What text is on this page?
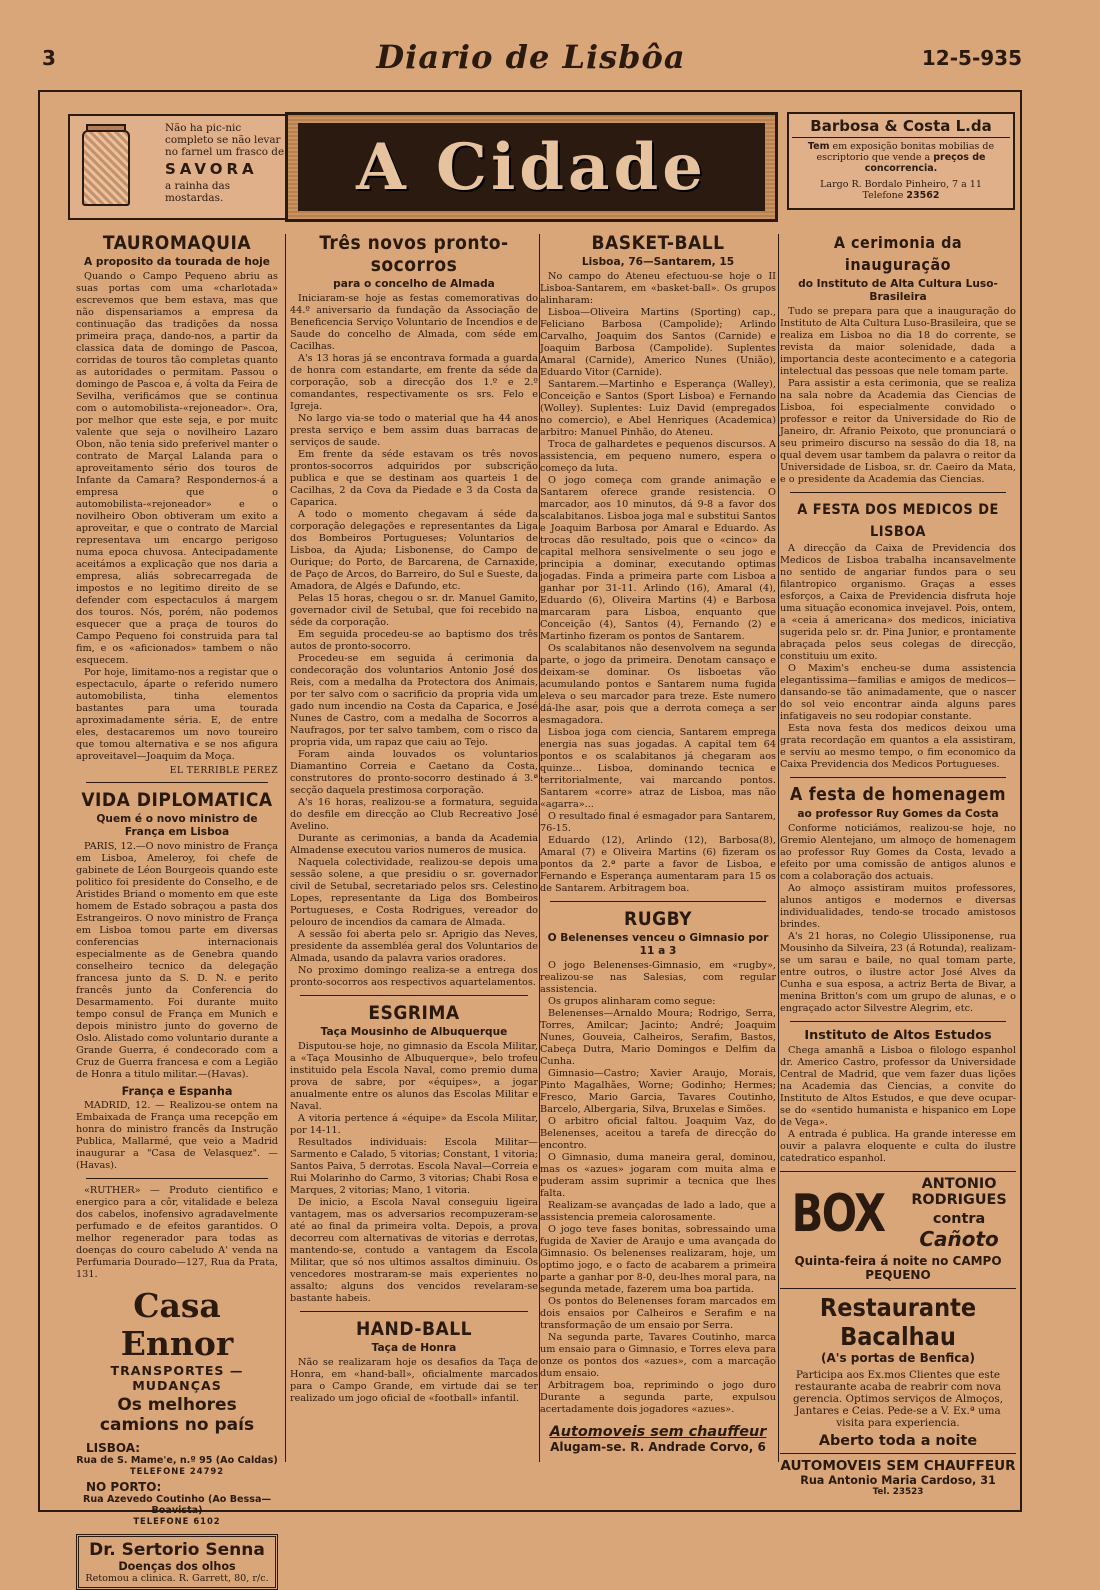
3	Diario de Lisbôa	12-5-935
Não ha pic-nic completo se não levar no farnel um frasco de
SAVORA
a rainha das mostardas.	A Cidade
Barbosa & Costa L.da
Tem em exposição bonitas mobilias de escriptorio que vende a preços de concorrencia.
Largo R. Bordalo Pinheiro, 7 a 11
Telefone 23562
TAUROMAQUIA
A proposito da tourada de hoje

Quando o Campo Pequeno abriu as suas portas com uma «charlotada» escrevemos que bem estava, mas que não dispensariamos a empresa da continuação das tradições da nossa primeira praça, dando-nos, a partir da classica data de domingo de Pascoa, corridas de touros tão completas quanto as autoridades o permitam. Passou o domingo de Pascoa e, á volta da Feira de Sevilha, verificámos que se continua com o automobilista-«rejoneador». Ora, por melhor que este seja, e por muitc valente que seja o novilheiro Lazaro Obon, não tenia sido preferivel manter o contrato de Marçal Lalanda para o aproveitamento sério dos touros de Infante da Camara? Respondernos-á a empresa que o automobilista-«rejoneador» e o novilheiro Obon obtiveram um exito a aproveitar, e que o contrato de Marcial representava um encargo perigoso numa epoca chuvosa. Antecipadamente aceitámos a explicação que nos daria a empresa, aliás sobrecarregada de impostos e no legitimo direito de se defender com espectaculos á margem dos touros. Nós, porém, não podemos esquecer que a praça de touros do Campo Pequeno foi construida para tal fim, e os «aficionados» tambem o não esquecem.

Por hoje, limitamo-nos a registar que o espectaculo, áparte o referido numero automobilista, tinha elementos bastantes para uma tourada aproximadamente séria. E, de entre eles, destacaremos um novo toureiro que tomou alternativa e se nos afigura aproveitavel—Joaquim da Moça.

EL TERRIBLE PEREZ
VIDA DIPLOMATICA
Quem é o novo ministro de França em Lisboa

PARIS, 12.—O novo ministro de França em Lisboa, Ameleroy, foi chefe de gabinete de Léon Bourgeois quando este politico foi presidente do Conselho, e de Aristides Briand o momento em que este homem de Estado sobraçou a pasta dos Estrangeiros. O novo ministro de França em Lisboa tomou parte em diversas conferencias internacionais especialmente as de Genebra quando conselheiro tecnico da delegação francesa junto da S. D. N. e perito francês junto da Conferencia do Desarmamento. Foi durante muito tempo consul de França em Munich e depois ministro junto do governo de Oslo. Alistado como voluntario durante a Grande Guerra, é condecorado com a Cruz de Guerra francesa e com a Legião de Honra a titulo militar.—(Havas).

França e Espanha

MADRID, 12. — Realizou-se ontem na Embaixada de França uma recepção em honra do ministro francês da Instrução Publica, Mallarmé, que veio a Madrid inaugurar a "Casa de Velasquez". — (Havas).

«RUTHER» — Produto cientifico e energico para a côr, vitalidade e beleza dos cabelos, inofensivo agradavelmente perfumado e de efeitos garantidos. O melhor regenerador para todas as doenças do couro cabeludo A' venda na Perfumaria Dourado—127, Rua da Prata, 131.

Casa Ennor
TRANSPORTES — MUDANÇAS
Os melhores camions no país
LISBOA:
Rua de S. Mame'e, n.º 95 (Ao Caldas)
TELEFONE 24792
NO PORTO:
Rua Azevedo Coutinho (Ao Bessa—Boavista)
TELEFONE 6102
Dr. Sertorio Senna
Doenças dos olhos
Retomou a clinica. R. Garrett, 80, r/c.
Três novos pronto-socorros
para o concelho de Almada

Iniciaram-se hoje as festas comemorativas do 44.º aniversario da fundação da Associação de Beneficencia Serviço Voluntario de Incendios e de Saude do concelho de Almada, com séde em Cacilhas.

A's 13 horas já se encontrava formada a guarda de honra com estandarte, em frente da séde da corporação, sob a direcção dos 1.º e 2.º comandantes, respectivamente os srs. Felo e Igreja.

No largo via-se todo o material que ha 44 anos presta serviço e bem assim duas barracas de serviços de saude.

Em frente da séde estavam os três novos prontos-socorros adquiridos por subscrição publica e que se destinam aos quarteis 1 de Cacilhas, 2 da Cova da Piedade e 3 da Costa da Caparica.

A todo o momento chegavam á séde da corporação delegações e representantes da Liga dos Bombeiros Portugueses; Voluntarios de Lisboa, da Ajuda; Lisbonense, do Campo de Ourique; do Porto, de Barcarena, de Carnaxide, de Paço de Arcos, do Barreiro, do Sul e Sueste, da Amadora, de Algés e Dafundo, etc.

Pelas 15 horas, chegou o sr. dr. Manuel Gamito, governador civil de Setubal, que foi recebido na séde da corporação.

Em seguida procedeu-se ao baptismo dos três autos de pronto-socorro.

Procedeu-se em seguida á cerimonia da condecoração dos voluntarios Antonio José dos Reis, com a medalha da Protectora dos Animais, por ter salvo com o sacrificio da propria vida um gado num incendio na Costa da Caparica, e José Nunes de Castro, com a medalha de Socorros a Naufragos, por ter salvo tambem, com o risco da propria vida, um rapaz que caiu ao Tejo.

Foram ainda louvados os voluntarios Diamantino Correia e Caetano da Costa, construtores do pronto-socorro destinado á 3.ª secção daquela prestimosa corporação.

A's 16 horas, realizou-se a formatura, seguida do desfile em direcção ao Club Recreativo José Avelino.

Durante as cerimonias, a banda da Academia Almadense executou varios numeros de musica.

Naquela colectividade, realizou-se depois uma sessão solene, a que presidiu o sr. governador civil de Setubal, secretariado pelos srs. Celestino Lopes, representante da Liga dos Bombeiros Portugueses, e Costa Rodrigues, vereador do pelouro de incendios da camara de Almada.

A sessão foi aberta pelo sr. Aprigio das Neves, presidente da assembléa geral dos Voluntarios de Almada, usando da palavra varios oradores.

No proximo domingo realiza-se a entrega dos pronto-socorros aos respectivos aquartelamentos.

ESGRIMA
Taça Mousinho de Albuquerque

Disputou-se hoje, no gimnasio da Escola Militar, a «Taça Mousinho de Albuquerque», belo trofeu instituido pela Escola Naval, como premio duma prova de sabre, por «équipes», a jogar anualmente entre os alunos das Escolas Militar e Naval.

A vitoria pertence á «équipe» da Escola Militar, por 14-11.

Resultados individuais: Escola Militar—Sarmento e Calado, 5 vitorias; Constant, 1 vitoria; Santos Paiva, 5 derrotas. Escola Naval—Correia e Rui Molarinho do Carmo, 3 vitorias; Chabi Rosa e Marques, 2 vitorias; Mano, 1 vitoria.

De inicio, a Escola Naval conseguiu ligeira vantagem, mas os adversarios recompuzeram-se até ao final da primeira volta. Depois, a prova decorreu com alternativas de vitorias e derrotas, mantendo-se, contudo a vantagem da Escola Militar, que só nos ultimos assaltos diminuiu. Os vencedores mostraram-se mais experientes no assalto; alguns dos vencidos revelaram-se bastante habeis.

HAND-BALL
Taça de Honra

Não se realizaram hoje os desafios da Taça de Honra, em «hand-ball», oficialmente marcados para o Campo Grande, em virtude dai se ter realizado um jogo oficial de «football» infantil.

BASKET-BALL
Lisboa, 76—Santarem, 15

No campo do Ateneu efectuou-se hoje o II Lisboa-Santarem, em «basket-ball». Os grupos alinharam:

Lisboa—Oliveira Martins (Sporting) cap., Feliciano Barbosa (Campolide); Arlindo Carvalho, Joaquim dos Santos (Carnide) e Joaquim Barbosa (Campolide). Suplentes Amaral (Carnide), Americo Nunes (União), Eduardo Vitor (Carnide).

Santarem.—Martinho e Esperança (Walley), Conceição e Santos (Sport Lisboa) e Fernando (Wolley). Suplentes: Luiz David (empregados no comercio), e Abel Henriques (Academica) arbitro: Manuel Pinhão, do Ateneu.

Troca de galhardetes e pequenos discursos. A assistencia, em pequeno numero, espera o começo da luta.

O jogo começa com grande animação e Santarem oferece grande resistencia. O marcador, aos 10 minutos, dá 9-8 a favor dos scalabitanos. Lisboa joga mal e substitui Santos e Joaquim Barbosa por Amaral e Eduardo. As trocas dão resultado, pois que o «cinco» da capital melhora sensivelmente o seu jogo e principia a dominar, executando optimas jogadas. Finda a primeira parte com Lisboa a ganhar por 31-11. Arlindo (16), Amaral (4), Eduardo (6), Oliveira Martins (4) e Barbosa marcaram para Lisboa, enquanto que Conceição (4), Santos (4), Fernando (2) e Martinho fizeram os pontos de Santarem.

Os scalabitanos não desenvolvem na segunda parte, o jogo da primeira. Denotam cansaço e deixam-se dominar. Os lisboetas vão acumulando pontos e Santarem numa fugida eleva o seu marcador para treze. Este numero dá-lhe asar, pois que a derrota começa a ser esmagadora.

Lisboa joga com ciencia, Santarem emprega energia nas suas jogadas. A capital tem 64 pontos e os scalabitanos já chegaram aos quinze... Lisboa, dominando tecnica e territorialmente, vai marcando pontos. Santarem «corre» atraz de Lisboa, mas não «agarra»...

O resultado final é esmagador para Santarem, 76-15.

Eduardo (12), Arlindo (12), Barbosa(8), Amaral (7) e Oliveira Martins (6) fizeram os pontos da 2.ª parte a favor de Lisboa, e Fernando e Esperança aumentaram para 15 os de Santarem. Arbitragem boa.

RUGBY
O Belenenses venceu o Gimnasio por 11 a 3

O jogo Belenenses-Gimnasio, em «rugby», realizou-se nas Salesias, com regular assistencia.

Os grupos alinharam como segue:

Belenenses—Arnaldo Moura; Rodrigo, Serra, Torres, Amilcar; Jacinto; André; Joaquim Nunes, Gouveia, Calheiros, Serafim, Bastos, Cabeça Dutra, Mario Domingos e Delfim da Cunha.

Gimnasio—Castro; Xavier Araujo, Morais, Pinto Magalhães, Worne; Godinho; Hermes; Fresco, Mario Garcia, Tavares Coutinho, Barcelo, Albergaria, Silva, Bruxelas e Simões.

O arbitro oficial faltou. Joaquim Vaz, do Belenenses, aceitou a tarefa de direcção do encontro.

O Gimnasio, duma maneira geral, dominou, mas os «azues» jogaram com muita alma e puderam assim suprimir a tecnica que lhes falta.

Realizam-se avançadas de lado a lado, que a assistencia premeia calorosamente.

O jogo teve fases bonitas, sobressaindo uma fugida de Xavier de Araujo e uma avançada do Gimnasio. Os belenenses realizaram, hoje, um optimo jogo, e o facto de acabarem a primeira parte a ganhar por 8-0, deu-lhes moral para, na segunda metade, fazerem uma boa partida.

Os pontos do Belenenses foram marcados em dois ensaios por Calheiros e Serafim e na transformação de um ensaio por Serra.

Na segunda parte, Tavares Coutinho, marca um ensaio para o Gimnasio, e Torres eleva para onze os pontos dos «azues», com a marcação dum ensaio.

Arbitragem boa, reprimindo o jogo duro Durante a segunda parte, expulsou acertadamente dois jogadores «azues».

Automoveis sem chauffeur
Alugam-se. R. Andrade Corvo, 6
A cerimonia da inauguração
do Instituto de Alta Cultura Luso-Brasileira

Tudo se prepara para que a inauguração do Instituto de Alta Cultura Luso-Brasileira, que se realiza em Lisboa no dia 18 do corrente, se revista da maior solenidade, dada a importancia deste acontecimento e a categoria intelectual das pessoas que nele tomam parte.

Para assistir a esta cerimonia, que se realiza na sala nobre da Academia das Ciencias de Lisboa, foi especialmente convidado o professor e reitor da Universidade do Rio de Janeiro, dr. Afranio Peixoto, que pronunciará o seu primeiro discurso na sessão do dia 18, na qual devem usar tambem da palavra o reitor da Universidade de Lisboa, sr. dr. Caeiro da Mata, e o presidente da Academia das Ciencias.

A FESTA DOS MEDICOS DE LISBOA

A direcção da Caixa de Previdencia dos Medicos de Lisboa trabalha incansavelmente no sentido de angariar fundos para o seu filantropico organismo. Graças a esses esforços, a Caixa de Previdencia disfruta hoje uma situação economica invejavel. Pois, ontem, a «ceia á americana» dos medicos, iniciativa sugerida pelo sr. dr. Pina Junior, e prontamente abraçada pelos seus colegas de direcção, constituiu um exito.

O Maxim's encheu-se duma assistencia elegantissima—familias e amigos de medicos—dansando-se tão animadamente, que o nascer do sol veio encontrar ainda alguns pares infatigaveis no seu rodopiar constante.

Esta nova festa dos medicos deixou uma grata recordação em quantos a ela assistiram, e serviu ao mesmo tempo, o fim economico da Caixa Previdencia dos Medicos Portugueses.

A festa de homenagem
ao professor Ruy Gomes da Costa

Conforme noticiámos, realizou-se hoje, no Gremio Alentejano, um almoço de homenagem ao professor Ruy Gomes da Costa, levado a efeito por uma comissão de antigos alunos e com a colaboração dos actuais.

Ao almoço assistiram muitos professores, alunos antigos e modernos e diversas individualidades, tendo-se trocado amistosos brindes.

A's 21 horas, no Colegio Ulissiponense, rua Mousinho da Silveira, 23 (á Rotunda), realizam-se um sarau e baile, no qual tomam parte, entre outros, o ilustre actor José Alves da Cunha e sua esposa, a actriz Berta de Bivar, a menina Britton's com um grupo de alunas, e o engraçado actor Silvestre Alegrim, etc.

Instituto de Altos Estudos

Chega amanhã a Lisboa o filologo espanhol dr. Americo Castro, professor da Universidade Central de Madrid, que vem fazer duas lições na Academia das Ciencias, a convite do Instituto de Altos Estudos, e que deve ocupar-se do «sentido humanista e hispanico em Lope de Vega».

A entrada é publica. Ha grande interesse em ouvir a palavra eloquente e culta do ilustre catedratico espanhol.

BOX	ANTONIO RODRIGUES
contra Cañoto
Quinta-feira á noite no CAMPO PEQUENO
Restaurante Bacalhau
(A's portas de Benfica)
Participa aos Ex.mos Clientes que este restaurante acaba de reabrir com nova gerencia. Optimos serviços de Almoços, Jantares e Ceias. Pede-se a V. Ex.ª uma visita para experiencia.
Aberto toda a noite
AUTOMOVEIS SEM CHAUFFEUR
Rua Antonio Maria Cardoso, 31
Tel. 23523
